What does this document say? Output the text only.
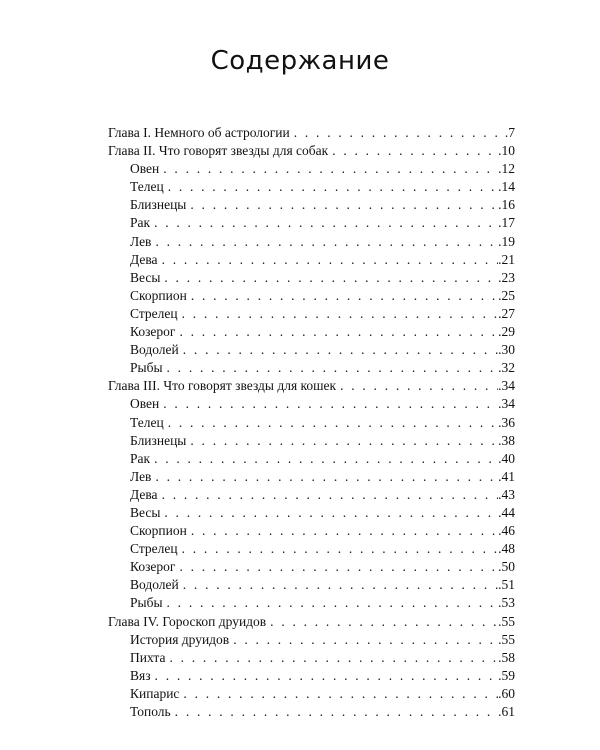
Содержание
Глава I. Немного об астрологии . . .	.7
Глава II. Что говорят звезды для собак . . .	.10
Овен . . .	.12
Телец . . .	.14
Близнецы . . .	.16
Рак . . .	.17
Лев . . .	.19
Дева . . .	.21
Весы . . .	.23
Скорпион . . .	.25
Стрелец . . .	.27
Козерог . . .	.29
Водолей . . .	.30
Рыбы . . .	.32
Глава III. Что говорят звезды для кошек . . .	.34
Овен . . .	.34
Телец . . .	.36
Близнецы . . .	.38
Рак . . .	.40
Лев . . .	.41
Дева . . .	.43
Весы . . .	.44
Скорпион . . .	.46
Стрелец . . .	.48
Козерог . . .	.50
Водолей . . .	.51
Рыбы . . .	.53
Глава IV. Гороскоп друидов . . .	.55
История друидов . . .	.55
Пихта . . .	.58
Вяз . . .	.59
Кипарис . . .	.60
Тополь . . .	.61
